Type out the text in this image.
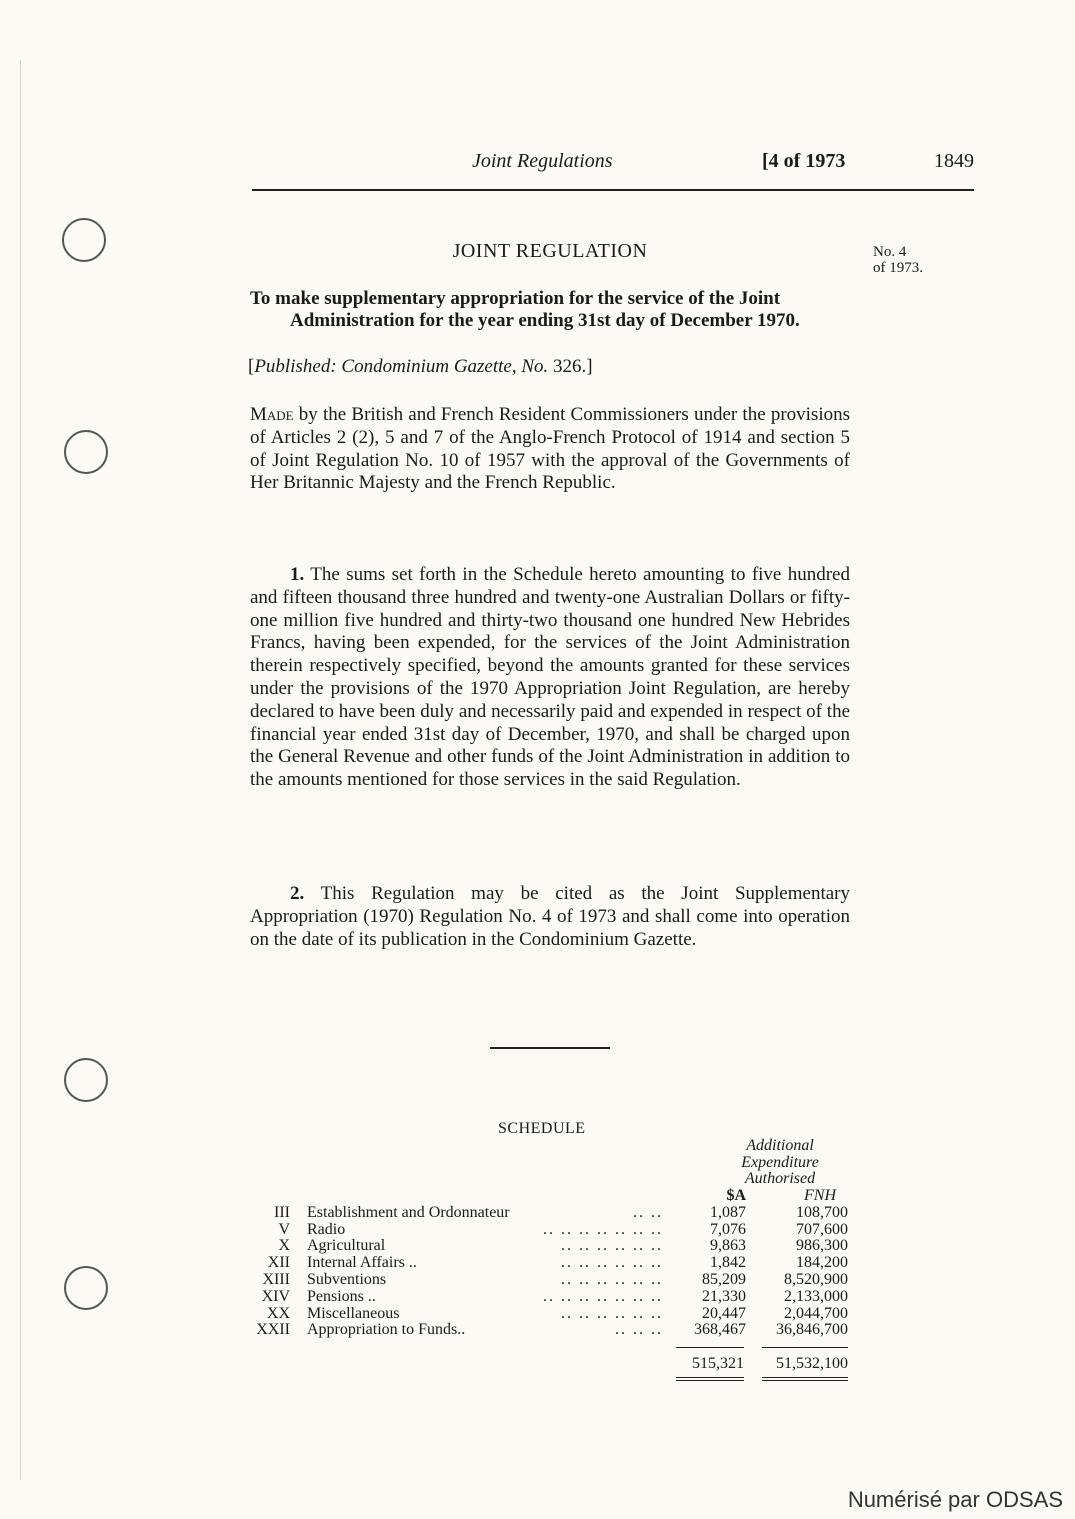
Joint Regulations	[4 of 1973	1849
JOINT REGULATION	No. 4
of 1973.
To make supplementary appropriation for the service of the Joint
Administration for the year ending 31st day of December 1970.
[Published: Condominium Gazette, No. 326.]
Made by the British and French Resident Commissioners under the provisions of Articles 2 (2), 5 and 7 of the Anglo-French Protocol of 1914 and section 5 of Joint Regulation No. 10 of 1957 with the approval of the Governments of Her Britannic Majesty and the French Republic.
1. The sums set forth in the Schedule hereto amounting to five hundred and fifteen thousand three hundred and twenty-one Australian Dollars or fifty-one million five hundred and thirty-two thousand one hundred New Hebrides Francs, having been expended, for the services of the Joint Administration therein respectively specified, beyond the amounts granted for these services under the provisions of the 1970 Appropriation Joint Regulation, are hereby declared to have been duly and necessarily paid and expended in respect of the financial year ended 31st day of December, 1970, and shall be charged upon the General Revenue and other funds of the Joint Administration in addition to the amounts mentioned for those services in the said Regulation.
2. This Regulation may be cited as the Joint Supplementary Appropriation (1970) Regulation No. 4 of 1973 and shall come into operation on the date of its publication in the Condominium Gazette.
SCHEDULE
Additional
Expenditure
Authorised
$A	FNH
III Establishment and Ordonnateur	.. ..	1,087	108,700
V Radio	.. .. .. .. .. .. ..	7,076	707,600
X Agricultural	.. .. .. .. .. ..	9,863	986,300
XII Internal Affairs ..	.. .. .. .. .. ..	1,842	184,200
XIII Subventions	.. .. .. .. .. .. 85,209 8,520,900
XIV Pensions ..	.. .. .. .. .. .. .. 21,330 2,133,000
XX Miscellaneous	.. .. .. .. .. .. 20,447 2,044,700
XXII Appropriation to Funds..	.. .. .. 368,467 36,846,700
515,321 51,532,100
Numérisé par ODSAS
